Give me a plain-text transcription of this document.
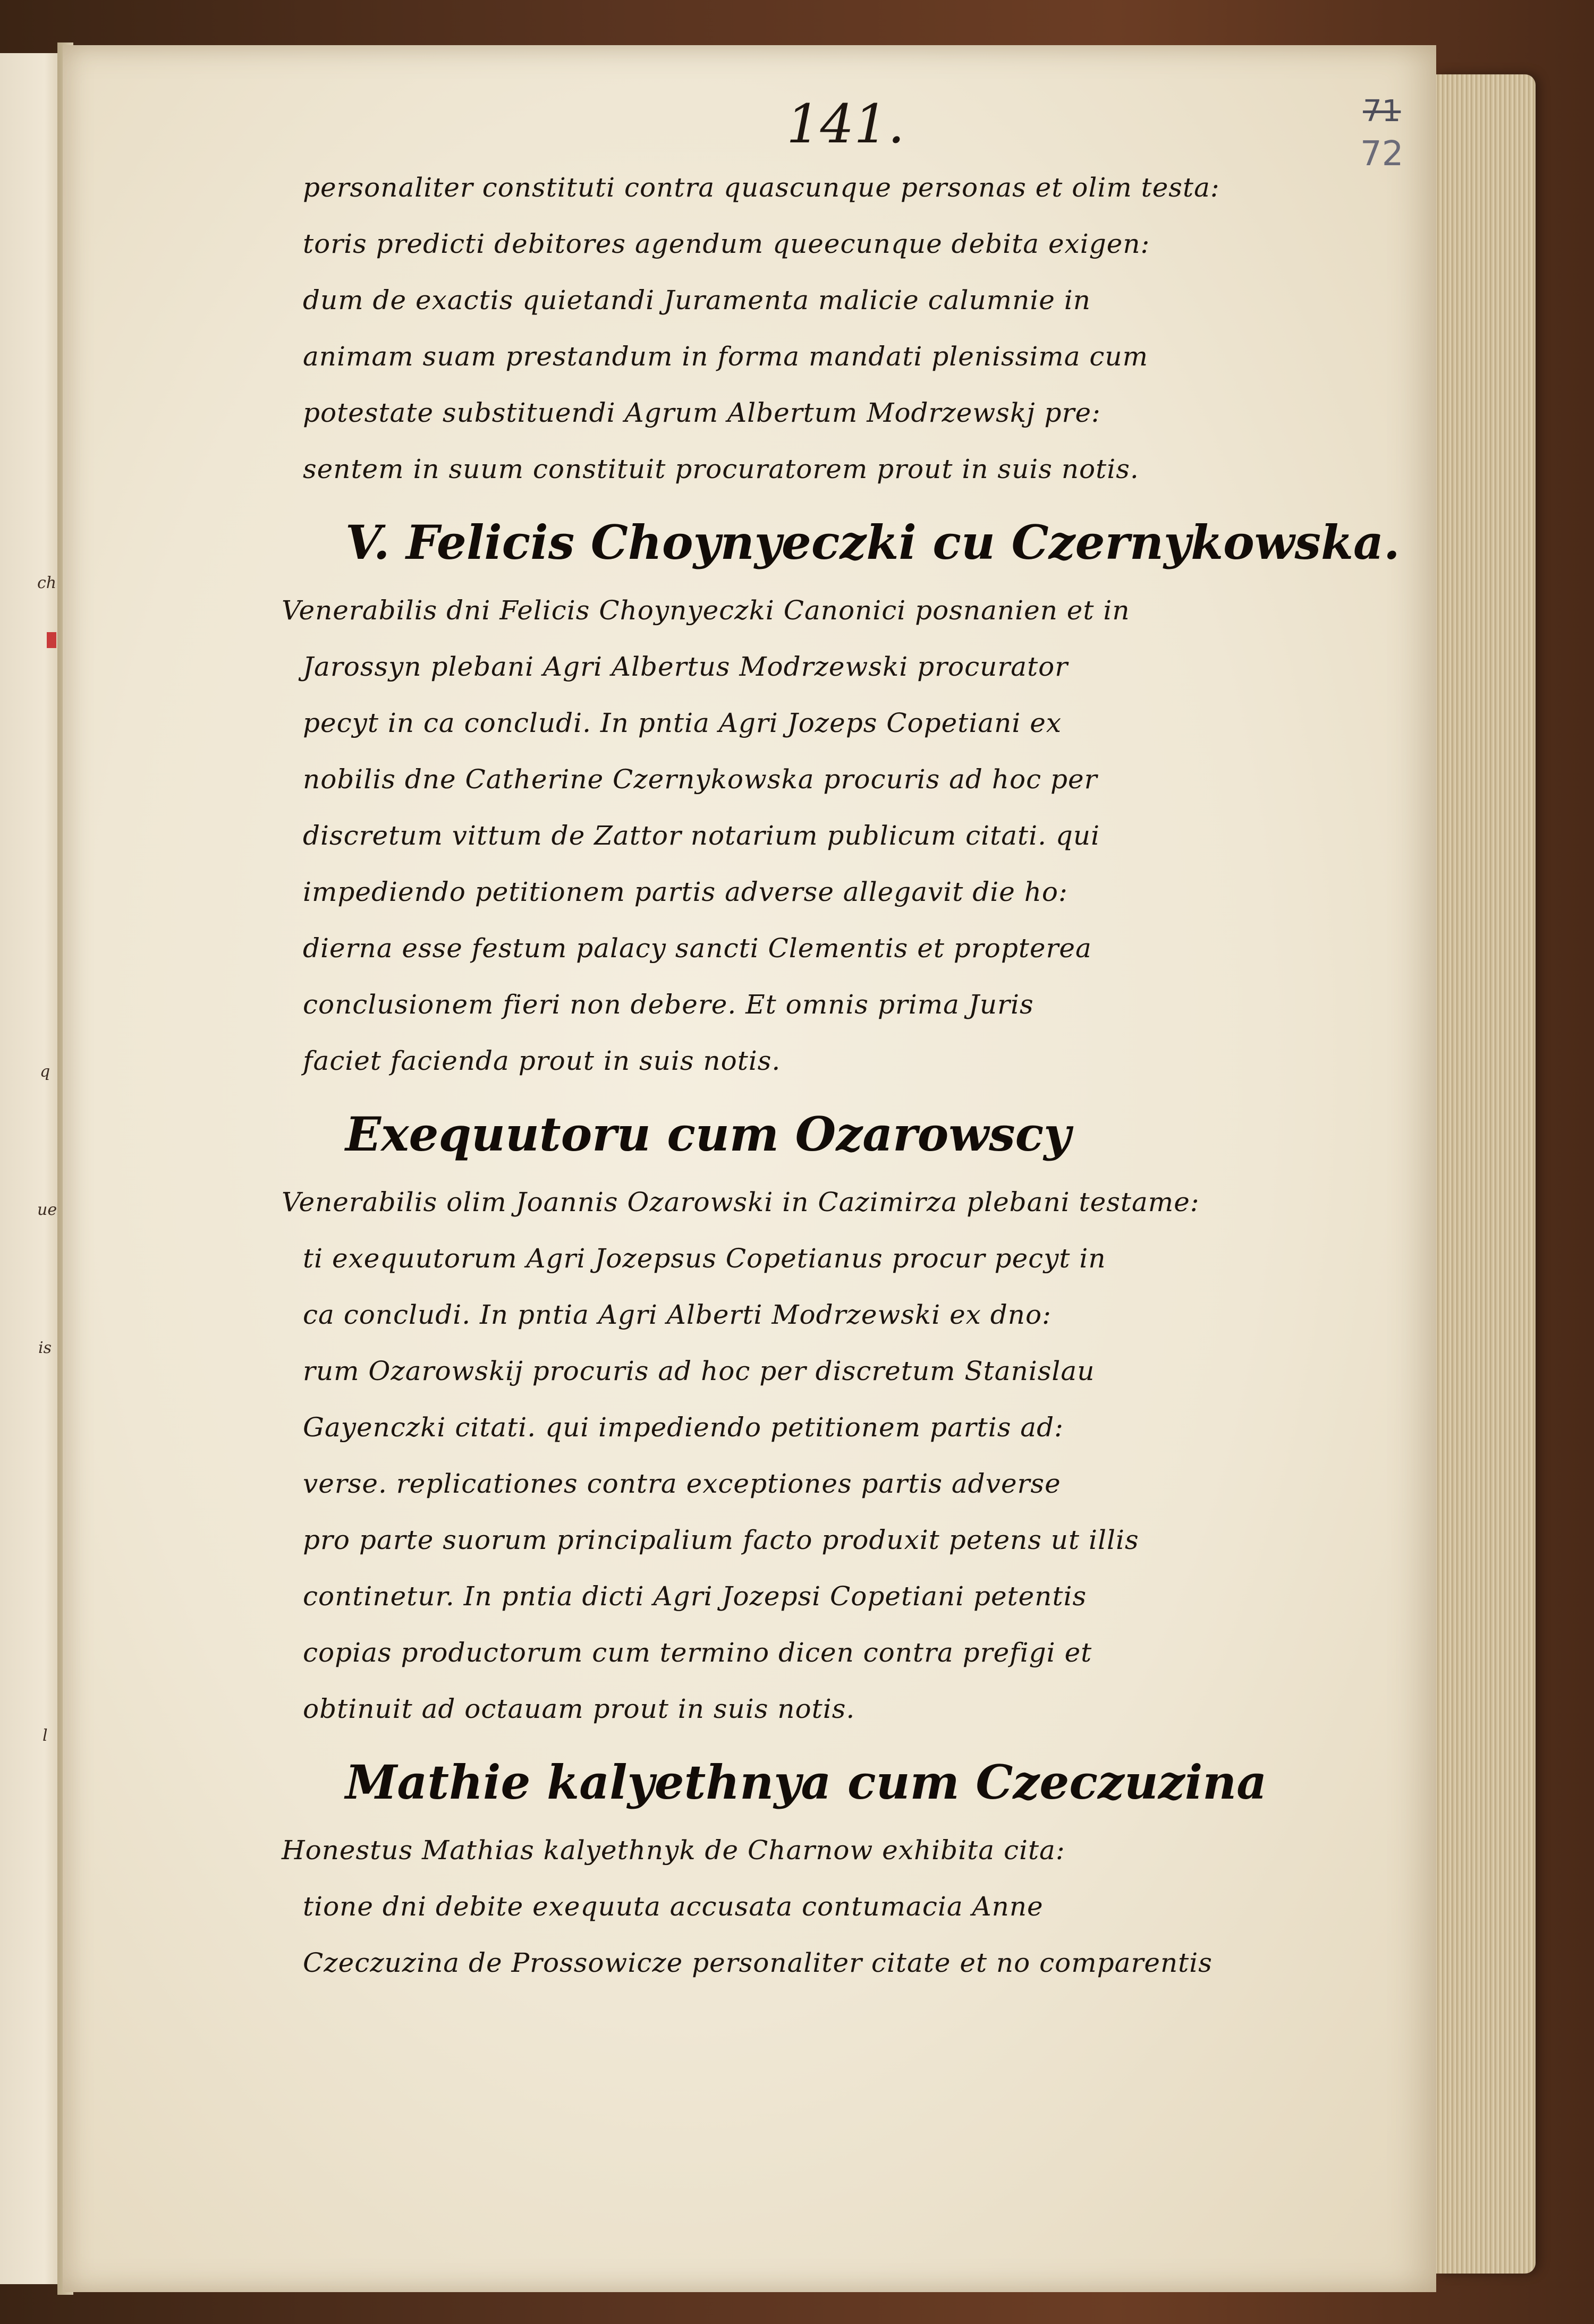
ch
q
ue
is
l
141.	71
72
personaliter constituti contra quascunque personas et olim testa:
toris predicti debitores agendum queecunque debita exigen:
dum de exactis quietandi Juramenta malicie calumnie in
animam suam prestandum in forma mandati plenissima cum
potestate substituendi Agrum Albertum Modrzewskj pre:
sentem in suum constituit procuratorem prout in suis notis.
V. Felicis Choynyeczki cu Czernykowska.
Venerabilis dni Felicis Choynyeczki Canonici posnanien et in
Jarossyn plebani Agri Albertus Modrzewski procurator
pecyt in ca concludi. In pntia Agri Jozeps Copetiani ex
nobilis dne Catherine Czernykowska procuris ad hoc per
discretum vittum de Zattor notarium publicum citati. qui
impediendo petitionem partis adverse allegavit die ho:
dierna esse festum palacy sancti Clementis et propterea
conclusionem fieri non debere. Et omnis prima Juris
faciet facienda prout in suis notis.
Exequutoru cum Ozarowscy
Venerabilis olim Joannis Ozarowski in Cazimirza plebani testame:
ti exequutorum Agri Jozepsus Copetianus procur pecyt in
ca concludi. In pntia Agri Alberti Modrzewski ex dno:
rum Ozarowskij procuris ad hoc per discretum Stanislau
Gayenczki citati. qui impediendo petitionem partis ad:
verse. replicationes contra exceptiones partis adverse
pro parte suorum principalium facto produxit petens ut illis
continetur. In pntia dicti Agri Jozepsi Copetiani petentis
copias productorum cum termino dicen contra prefigi et
obtinuit ad octauam prout in suis notis.
Mathie kalyethnya cum Czeczuzina
Honestus Mathias kalyethnyk de Charnow exhibita cita:
tione dni debite exequuta accusata contumacia Anne
Czeczuzina de Prossowicze personaliter citate et no comparentis
